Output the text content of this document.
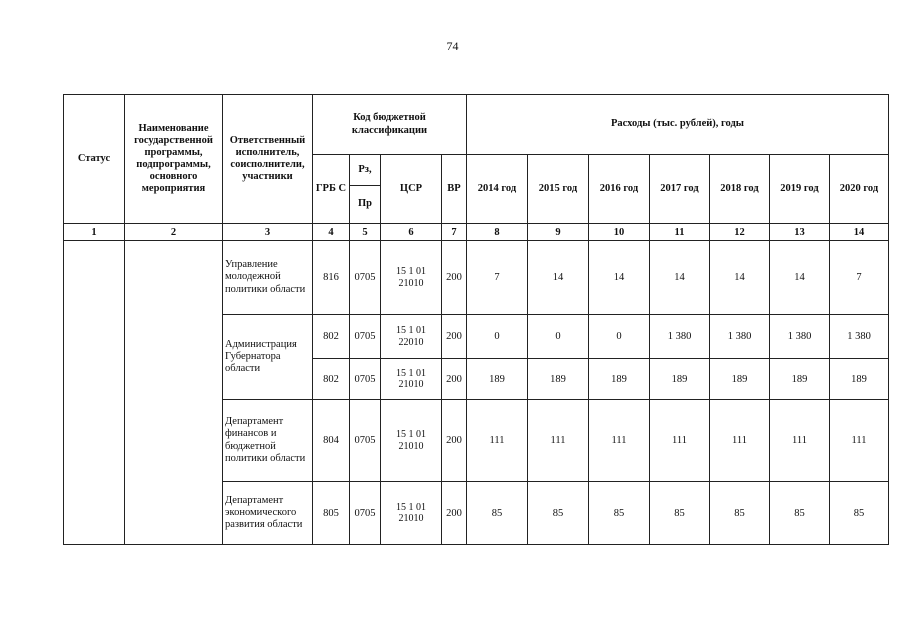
74
Статус	Наименование государственной программы, подпрограммы, основного мероприятия	Ответственный исполнитель, соисполнители, участники	Код бюджетной классификации				Расходы (тыс. рублей), годы						
			ГРБ С	Рз,	ЦСР	ВР	2014 год	2015 год	2016 год	2017 год	2018 год	2019 год	2020 год
				Пр									
1	2	3	4	5	6	7	8	9	10	11	12	13	14
		Управление молодежной политики области	816	0705	15 1 01 21010	200	7	14	14	14	14	14	7
		Администрация Губернатора области	802	0705	15 1 01 22010	200	0	0	0	1 380	1 380	1 380	1 380
			802	0705	15 1 01 21010	200	189	189	189	189	189	189	189
		Департамент финансов и бюджетной политики области	804	0705	15 1 01 21010	200	111	111	111	111	111	111	111
		Департамент экономического развития области	805	0705	15 1 01 21010	200	85	85	85	85	85	85	85
